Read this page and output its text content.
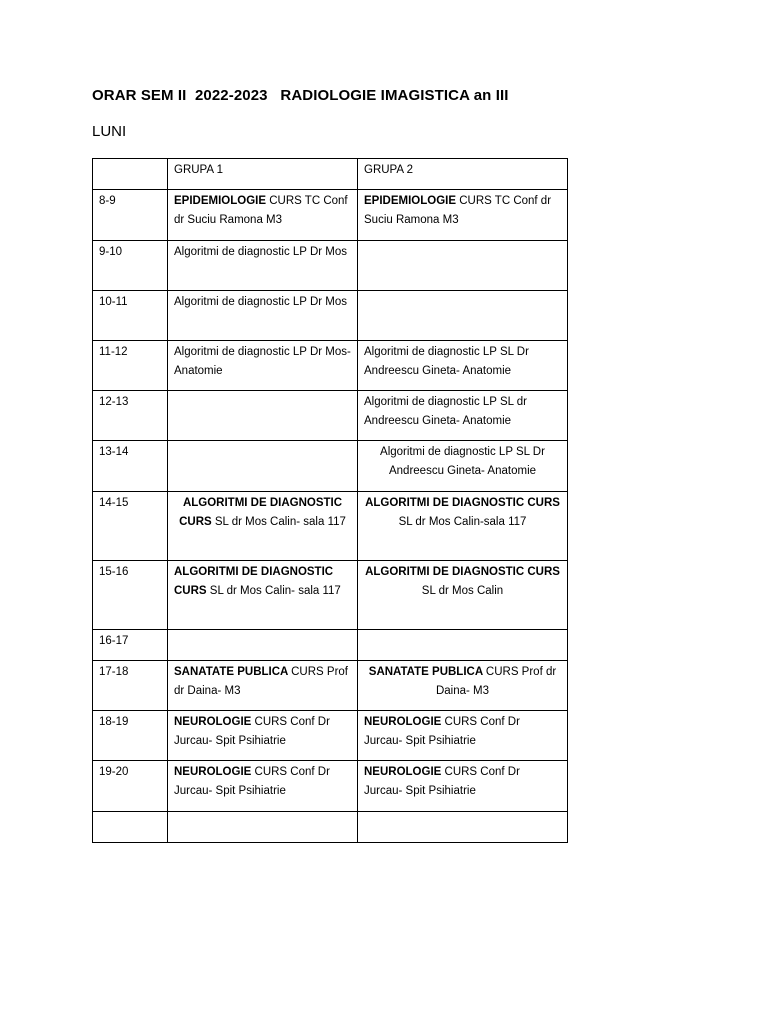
ORAR SEM II  2022-2023   RADIOLOGIE IMAGISTICA an III
LUNI
	GRUPA 1	GRUPA 2
8-9	EPIDEMIOLOGIE CURS TC Conf dr Suciu Ramona M3	EPIDEMIOLOGIE CURS TC Conf dr Suciu Ramona M3
9-10	Algoritmi de diagnostic LP Dr Mos	
10-11	Algoritmi de diagnostic LP Dr Mos	
11-12	Algoritmi de diagnostic LP Dr Mos- Anatomie	Algoritmi de diagnostic LP SL Dr Andreescu Gineta- Anatomie
12-13		Algoritmi de diagnostic LP SL dr Andreescu Gineta- Anatomie
13-14		Algoritmi de diagnostic LP SL Dr Andreescu Gineta- Anatomie
14-15	ALGORITMI DE DIAGNOSTIC CURS SL dr Mos Calin- sala 117	ALGORITMI DE DIAGNOSTIC CURS SL dr Mos Calin-sala 117
15-16	ALGORITMI DE DIAGNOSTIC CURS SL dr Mos Calin- sala 117	ALGORITMI DE DIAGNOSTIC CURS SL dr Mos Calin
16-17		
17-18	SANATATE PUBLICA CURS Prof dr Daina- M3	SANATATE PUBLICA CURS Prof dr Daina- M3
18-19	NEUROLOGIE CURS Conf Dr Jurcau- Spit Psihiatrie	NEUROLOGIE CURS Conf Dr Jurcau- Spit Psihiatrie
19-20	NEUROLOGIE CURS Conf Dr Jurcau- Spit Psihiatrie	NEUROLOGIE CURS Conf Dr Jurcau- Spit Psihiatrie
